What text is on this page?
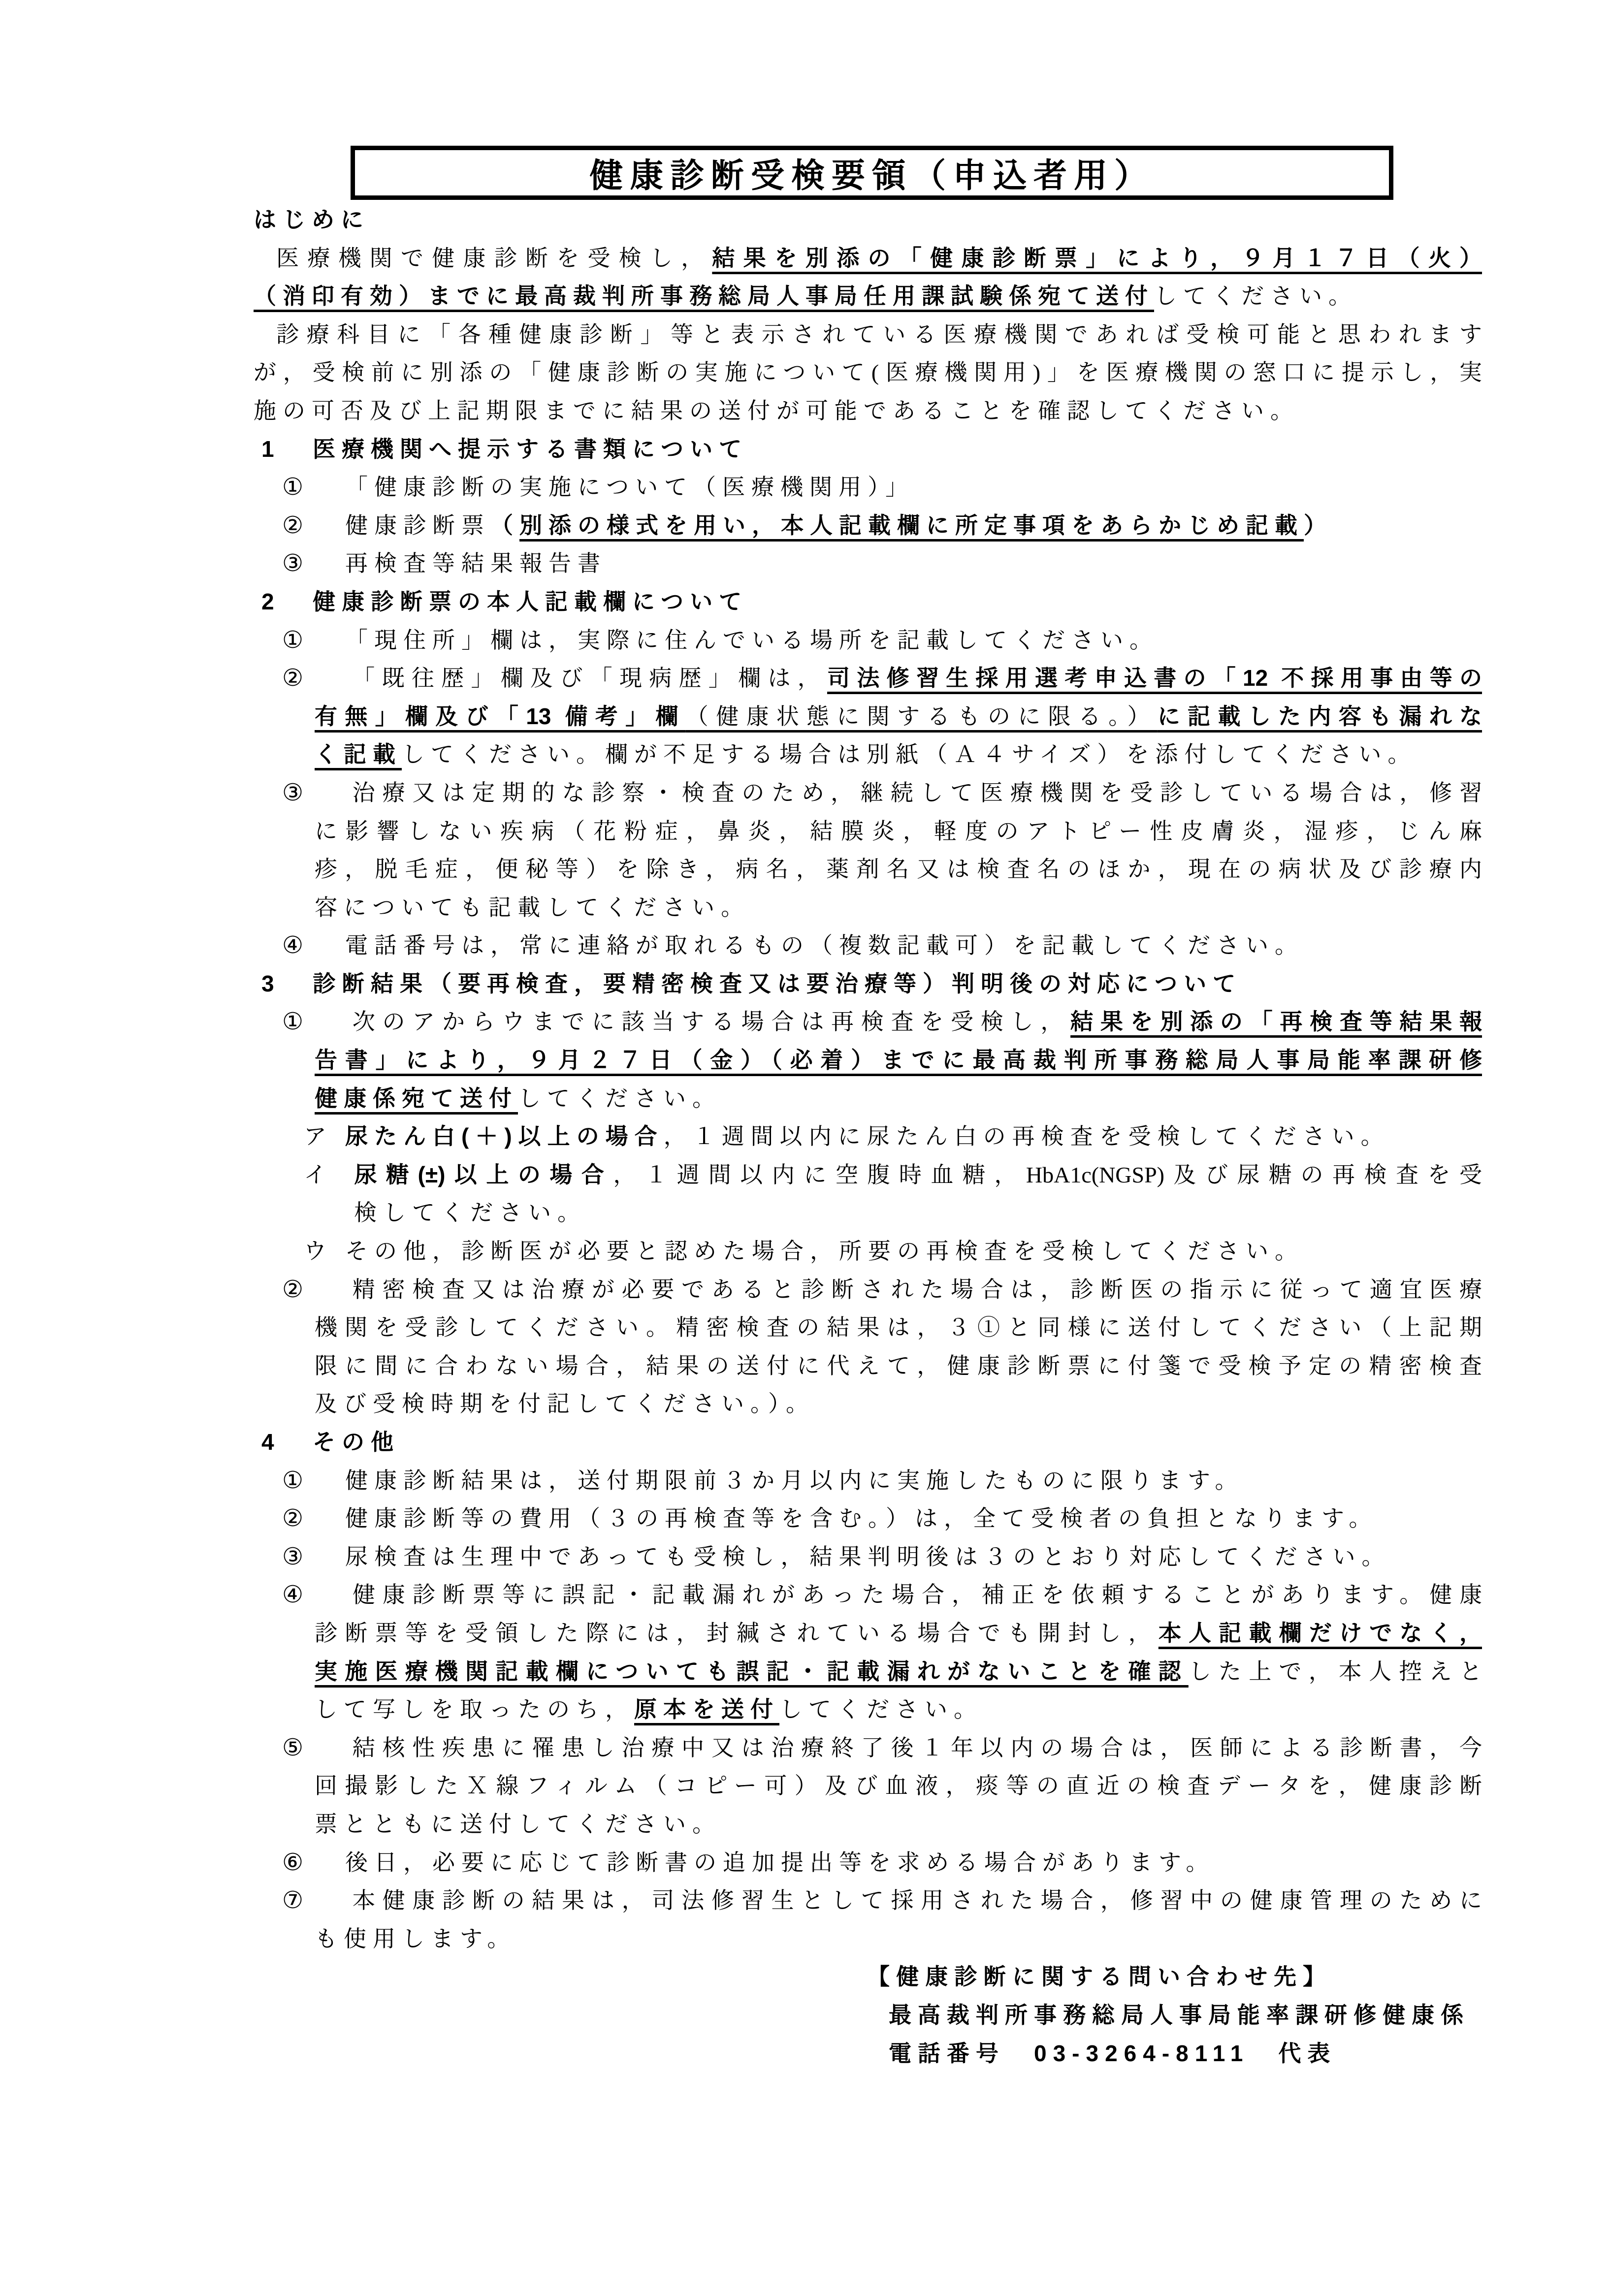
健康診断受検要領（申込者用）
はじめに
医療機関で健康診断を受検し，結果を別添の「健康診断票」により，９月１７日（火）
（消印有効）までに最高裁判所事務総局人事局任用課試験係宛て送付してください。
診療科目に「各種健康診断」等と表示されている医療機関であれば受検可能と思われます
が，受検前に別添の「健康診断の実施について(医療機関用)」を医療機関の窓口に提示し，実
施の可否及び上記期限までに結果の送付が可能であることを確認してください。
1 医療機関へ提示する書類について
① 「健康診断の実施について（医療機関用）」
② 健康診断票（別添の様式を用い，本人記載欄に所定事項をあらかじめ記載）
③ 再検査等結果報告書
2 健康診断票の本人記載欄について
① 「現住所」欄は，実際に住んでいる場所を記載してください。
② 「既往歴」欄及び「現病歴」欄は，司法修習生採用選考申込書の「12 不採用事由等の
有無」欄及び「13 備考」欄（健康状態に関するものに限る。）に記載した内容も漏れな
く記載してください。欄が不足する場合は別紙（Ａ４サイズ）を添付してください。
③ 治療又は定期的な診察・検査のため，継続して医療機関を受診している場合は，修習
に影響しない疾病（花粉症，鼻炎，結膜炎，軽度のアトピー性皮膚炎，湿疹，じん麻
疹，脱毛症，便秘等）を除き，病名，薬剤名又は検査名のほか，現在の病状及び診療内
容についても記載してください。
④ 電話番号は，常に連絡が取れるもの（複数記載可）を記載してください。
3 診断結果（要再検査，要精密検査又は要治療等）判明後の対応について
① 次のアからウまでに該当する場合は再検査を受検し，結果を別添の「再検査等結果報
告書」により，９月２７日（金）（必着）までに最高裁判所事務総局人事局能率課研修
健康係宛て送付してください。
ア 尿たん白(＋)以上の場合，１週間以内に尿たん白の再検査を受検してください。
イ 尿糖(±)以上の場合，１週間以内に空腹時血糖，HbA1c(NGSP)及び尿糖の再検査を受
検してください。
ウ その他，診断医が必要と認めた場合，所要の再検査を受検してください。
② 精密検査又は治療が必要であると診断された場合は，診断医の指示に従って適宜医療
機関を受診してください。精密検査の結果は，３①と同様に送付してください（上記期
限に間に合わない場合，結果の送付に代えて，健康診断票に付箋で受検予定の精密検査
及び受検時期を付記してください。）。
4 その他
① 健康診断結果は，送付期限前３か月以内に実施したものに限ります。
② 健康診断等の費用（３の再検査等を含む。）は，全て受検者の負担となります。
③ 尿検査は生理中であっても受検し，結果判明後は３のとおり対応してください。
④ 健康診断票等に誤記・記載漏れがあった場合，補正を依頼することがあります。健康
診断票等を受領した際には，封緘されている場合でも開封し，本人記載欄だけでなく，
実施医療機関記載欄についても誤記・記載漏れがないことを確認した上で，本人控えと
して写しを取ったのち，原本を送付してください。
⑤ 結核性疾患に罹患し治療中又は治療終了後１年以内の場合は，医師による診断書，今
回撮影したＸ線フィルム（コピー可）及び血液，痰等の直近の検査データを，健康診断
票とともに送付してください。
⑥ 後日，必要に応じて診断書の追加提出等を求める場合があります。
⑦ 本健康診断の結果は，司法修習生として採用された場合，修習中の健康管理のために
も使用します。
【健康診断に関する問い合わせ先】
最高裁判所事務総局人事局能率課研修健康係
電話番号　03-3264-8111　代表
